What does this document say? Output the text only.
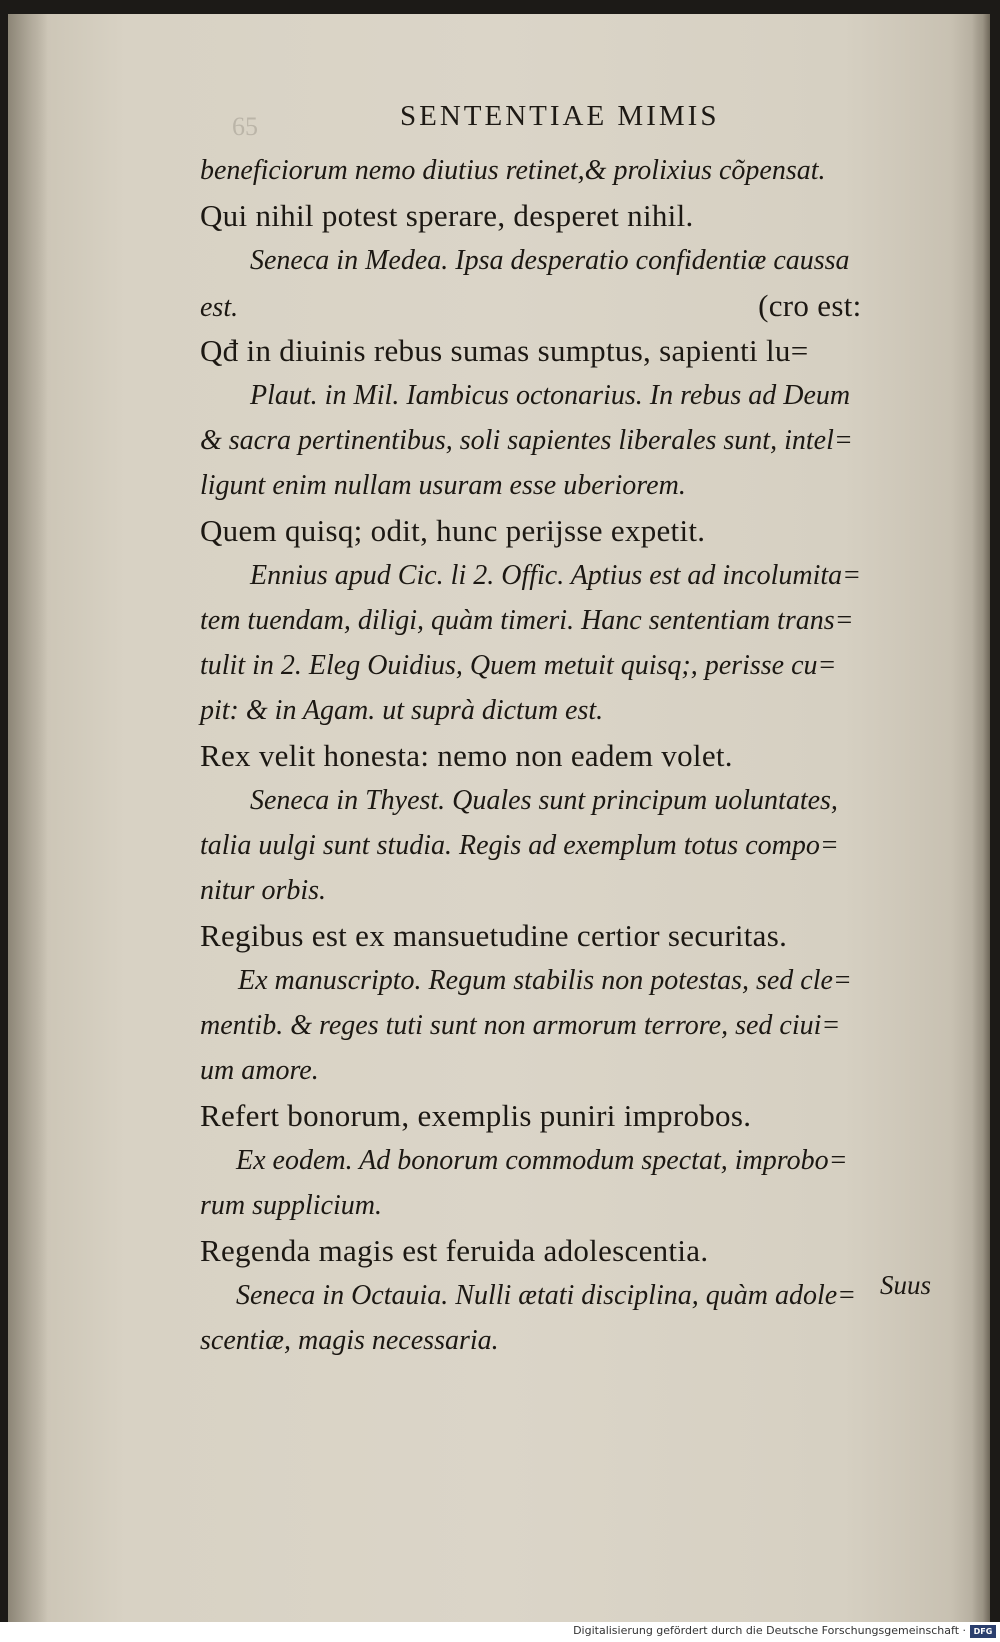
65	SENTENTIAE MIMIS
beneficiorum nemo diutius retinet,& prolixius cõpensat.
Qui nihil potest sperare, desperet nihil.
Seneca in Medea. Ipsa desperatio confidentiæ caussa
est.	(cro est:
Qđ in diuinis rebus sumas sumptus, sapienti lu=
Plaut. in Mil. Iambicus octonarius. In rebus ad Deum
& sacra pertinentibus, soli sapientes liberales sunt, intel=
ligunt enim nullam usuram esse uberiorem.
Quem quisq; odit, hunc perijsse expetit.
Ennius apud Cic. li 2. Offic. Aptius est ad incolumita=
tem tuendam, diligi, quàm timeri. Hanc sententiam trans=
tulit in 2. Eleg Ouidius, Quem metuit quisq;, perisse cu=
pit: & in Agam. ut suprà dictum est.
Rex velit honesta: nemo non eadem volet.
Seneca in Thyest. Quales sunt principum uoluntates,
talia uulgi sunt studia. Regis ad exemplum totus compo=
nitur orbis.
Regibus est ex mansuetudine certior securitas.
Ex manuscripto. Regum stabilis non potestas, sed cle=
mentib. & reges tuti sunt non armorum terrore, sed ciui=
um amore.
Refert bonorum, exemplis puniri improbos.
Ex eodem. Ad bonorum commodum spectat, improbo=
rum supplicium.
Regenda magis est feruida adolescentia.
Seneca in Octauia. Nulli ætati disciplina, quàm adole=
scentiæ, magis necessaria.
Suus
Digitalisierung gefördert durch die Deutsche Forschungsgemeinschaft · DFG
